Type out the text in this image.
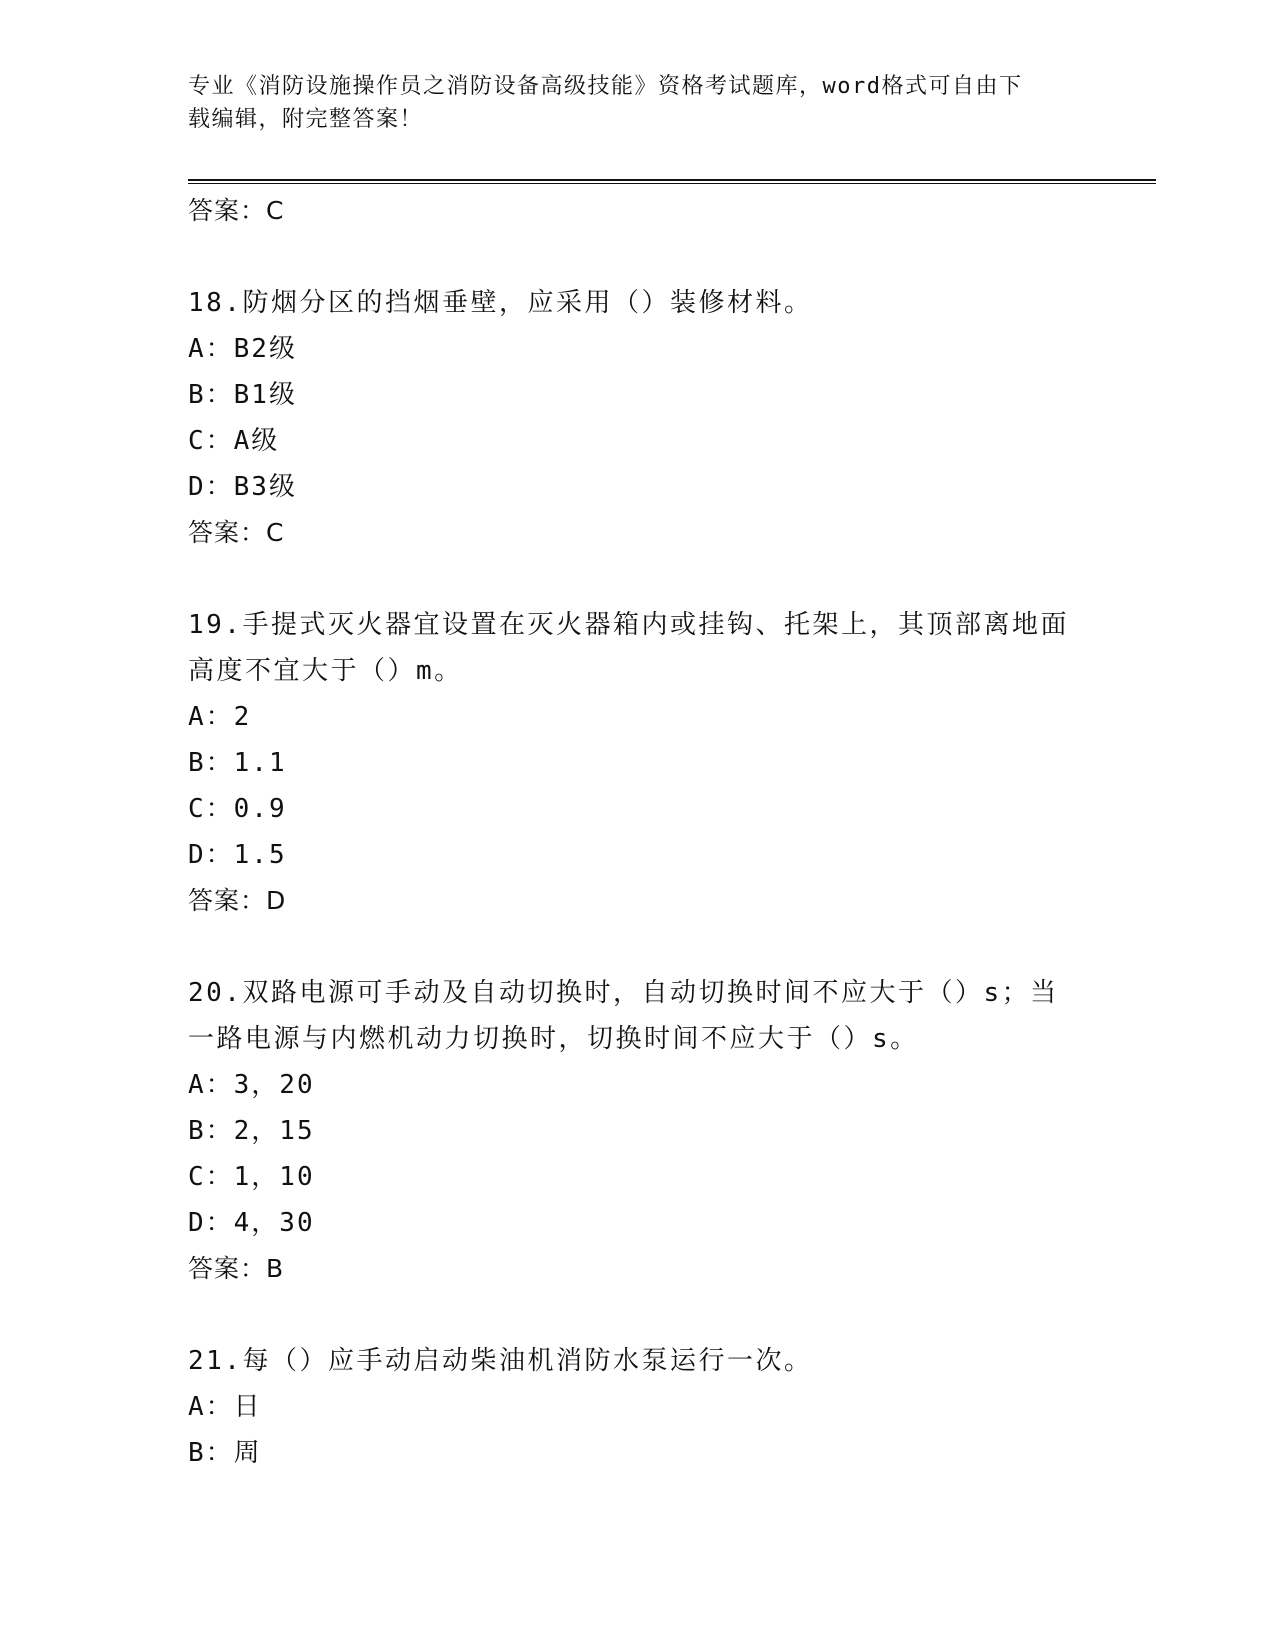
专业《消防设施操作员之消防设备高级技能》资格考试题库，word格式可自由下
载编辑，附完整答案！
答案：C
18.防烟分区的挡烟垂壁，应采用（）装修材料。
A：B2级
B：B1级
C：A级
D：B3级
答案：C
19.手提式灭火器宜设置在灭火器箱内或挂钩、托架上，其顶部离地面
高度不宜大于（）m。
A：2
B：1.1
C：0.9
D：1.5
答案：D
20.双路电源可手动及自动切换时，自动切换时间不应大于（）s；当
一路电源与内燃机动力切换时，切换时间不应大于（）s。
A：3，20
B：2，15
C：1，10
D：4，30
答案：B
21.每（）应手动启动柴油机消防水泵运行一次。
A：日
B：周
